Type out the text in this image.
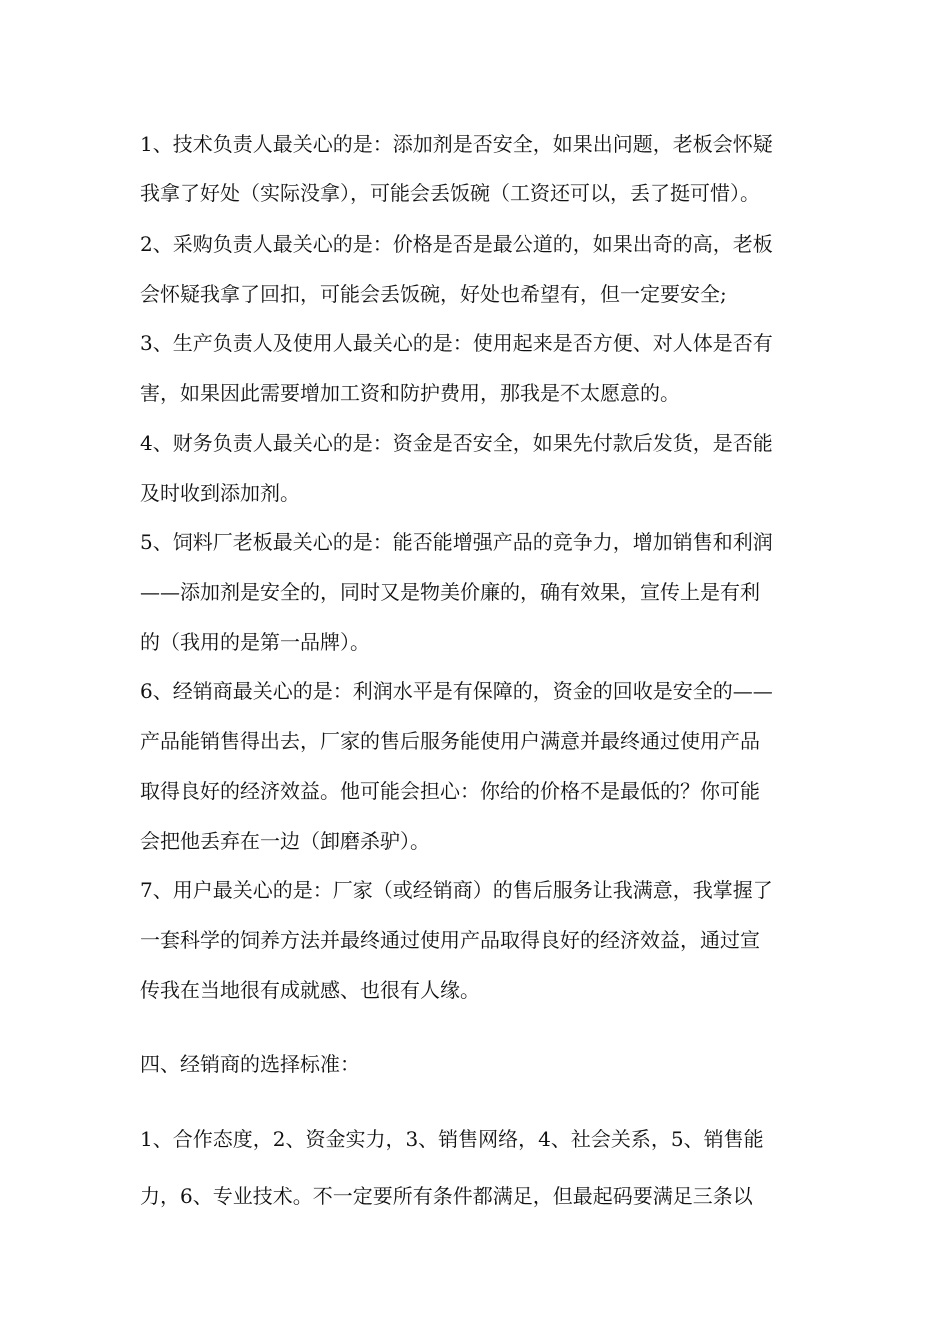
1、技术负责人最关心的是：添加剂是否安全，如果出问题，老板会怀疑

我拿了好处（实际没拿），可能会丢饭碗（工资还可以，丢了挺可惜）。

2、采购负责人最关心的是：价格是否是最公道的，如果出奇的高，老板

会怀疑我拿了回扣，可能会丢饭碗，好处也希望有，但一定要安全;

3、生产负责人及使用人最关心的是：使用起来是否方便、对人体是否有

害，如果因此需要增加工资和防护费用，那我是不太愿意的。

4、财务负责人最关心的是：资金是否安全，如果先付款后发货，是否能

及时收到添加剂。

5、饲料厂老板最关心的是：能否能增强产品的竞争力，增加销售和利润

——添加剂是安全的，同时又是物美价廉的，确有效果，宣传上是有利

的（我用的是第一品牌）。

6、经销商最关心的是：利润水平是有保障的，资金的回收是安全的——

产品能销售得出去，厂家的售后服务能使用户满意并最终通过使用产品

取得良好的经济效益。他可能会担心：你给的价格不是最低的？你可能

会把他丢弃在一边（卸磨杀驴）。

7、用户最关心的是：厂家（或经销商）的售后服务让我满意，我掌握了

一套科学的饲养方法并最终通过使用产品取得良好的经济效益，通过宣

传我在当地很有成就感、也很有人缘。

四、经销商的选择标准：

1、合作态度，2、资金实力，3、销售网络，4、社会关系，5、销售能

力，6、专业技术。不一定要所有条件都满足，但最起码要满足三条以
